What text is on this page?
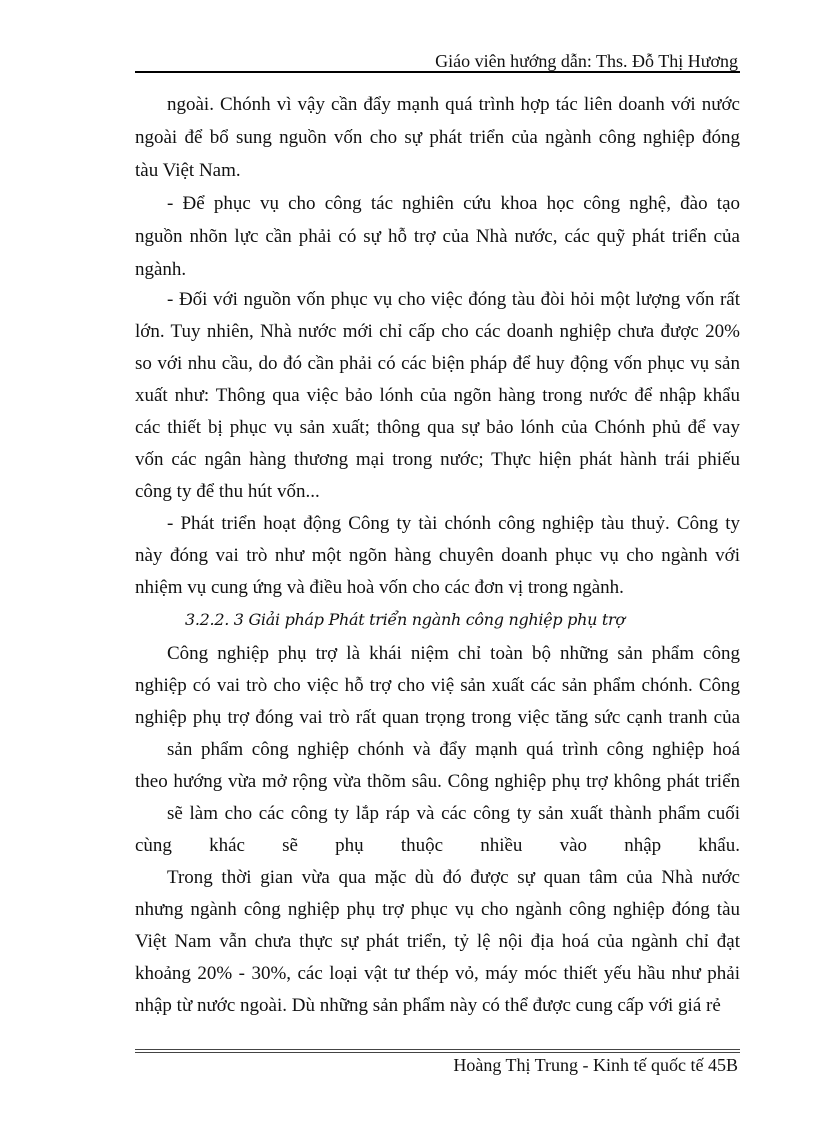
Giáo viên hướng dẫn: Ths. Đỗ Thị Hương
ngoài. Chónh vì vậy cần đẩy mạnh quá trình hợp tác liên doanh với nước
ngoài để bổ sung nguồn vốn cho sự phát triển của ngành công nghiệp đóng
tàu Việt Nam.
- Để phục vụ cho công tác nghiên cứu khoa học công nghệ, đào tạo
nguồn nhõn lực cần phải có sự hỗ trợ của Nhà nước, các quỹ phát triển của
ngành.
- Đối với nguồn vốn phục vụ cho việc đóng tàu đòi hỏi một lượng vốn rất
lớn. Tuy nhiên, Nhà nước mới chỉ cấp cho các doanh nghiệp chưa được 20%
so với nhu cầu, do đó cần phải có các biện pháp để huy động vốn phục vụ sản
xuất như: Thông qua việc bảo lónh của ngõn hàng trong nước để nhập khẩu
các thiết bị phục vụ sản xuất; thông qua sự bảo lónh của Chónh phủ để vay
vốn các ngân hàng thương mại trong nước; Thực hiện phát hành trái phiếu
công ty để thu hút vốn...
- Phát triển hoạt động Công ty tài chónh công nghiệp tàu thuỷ. Công ty
này đóng vai trò như một ngõn hàng chuyên doanh phục vụ cho ngành với
nhiệm vụ cung ứng và điều hoà vốn cho các đơn vị trong ngành.
Công nghiệp phụ trợ là khái niệm chỉ toàn bộ những sản phẩm công
nghiệp có vai trò cho việc hỗ trợ cho việ sản xuất các sản phẩm chónh. Công
nghiệp phụ trợ đóng vai trò rất quan trọng trong việc tăng sức cạnh tranh của
sản phẩm công nghiệp chónh và đẩy mạnh quá trình công nghiệp hoá
theo hướng vừa mở rộng vừa thõm sâu. Công nghiệp phụ trợ không phát triển
sẽ làm cho các công ty lắp ráp và các công ty sản xuất thành phẩm cuối
cùng khác sẽ phụ thuộc nhiều vào nhập khẩu.
Trong thời gian vừa qua mặc dù đó được sự quan tâm của Nhà nước
nhưng ngành công nghiệp phụ trợ phục vụ cho ngành công nghiệp đóng tàu
Việt Nam vẫn chưa thực sự phát triển, tỷ lệ nội địa hoá của ngành chỉ đạt
khoảng 20% - 30%, các loại vật tư thép vỏ, máy móc thiết yếu hầu như phải
nhập từ nước ngoài. Dù những sản phẩm này có thể được cung cấp với giá rẻ
3.2.2. 3 Giải pháp Phát triển ngành công nghiệp phụ trợ
Hoàng Thị Trung - Kinh tế quốc tế 45B
